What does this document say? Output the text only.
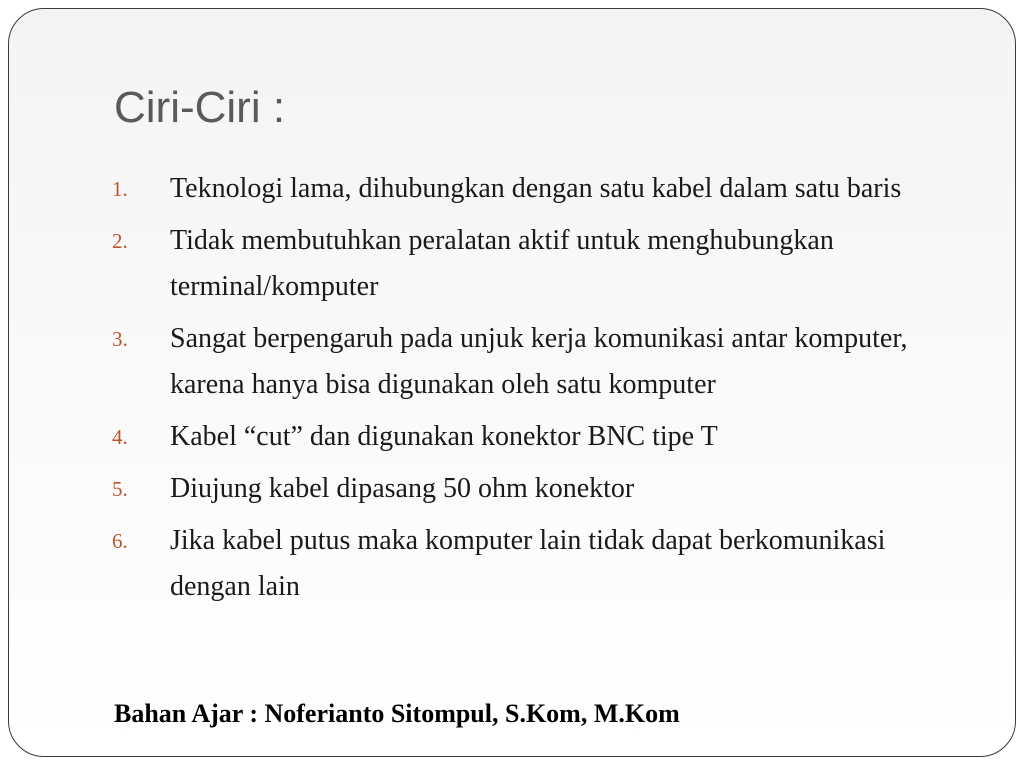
Ciri-Ciri :
1.	Teknologi lama, dihubungkan dengan satu kabel dalam satu baris
2.	Tidak membutuhkan peralatan aktif untuk menghubungkan terminal/komputer
3.	Sangat berpengaruh pada unjuk kerja komunikasi antar komputer, karena hanya bisa digunakan oleh satu komputer
4.	Kabel “cut” dan digunakan konektor BNC tipe T
5.	Diujung kabel dipasang 50 ohm konektor
6.	Jika kabel putus maka komputer lain tidak dapat berkomunikasi dengan lain

Bahan Ajar : Noferianto Sitompul, S.Kom, M.Kom
